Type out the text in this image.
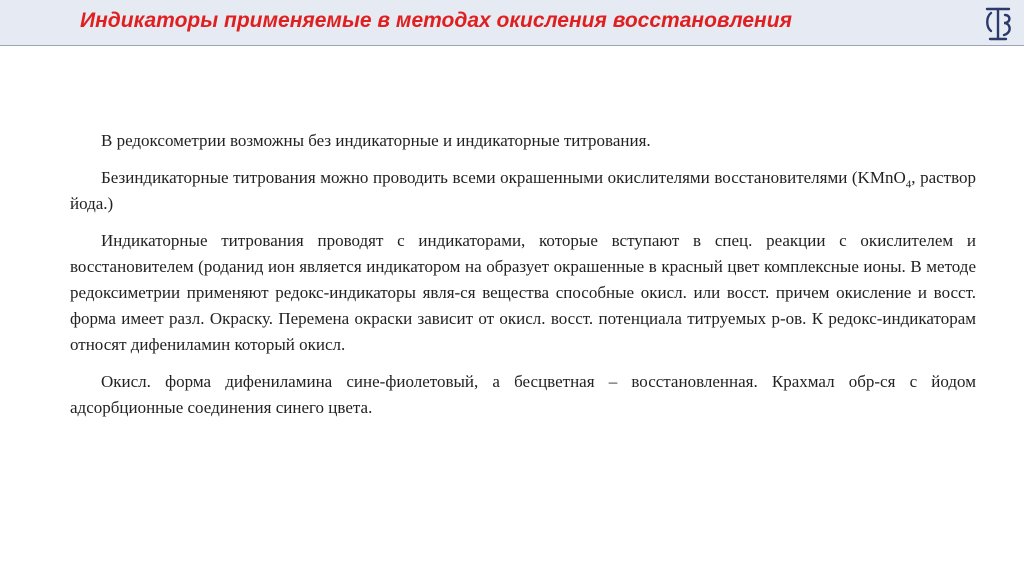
Индикаторы применяемые в методах окисления восстановления

В редоксометрии возможны без индикаторные и индикаторные титрования.

Безиндикаторные титрования можно проводить всеми окрашенными окислителями восстановителями (KMnO$_4$, раствор йода.)

Индикаторные титрования проводят с индикаторами, которые вступают в спец. реакции с окислителем и восстановителем (роданид ион является индикатором на образует окрашенные в красный цвет комплексные ионы. В методе редоксиметрии применяют редокс-индикаторы явля-ся вещества способные окисл. или восст. причем окисление и восст. форма имеет разл. Окраску. Перемена окраски зависит от окисл. восст. потенциала титруемых р-ов. К редокс-индикаторам относят дифениламин который окисл.

Окисл. форма дифениламина сине-фиолетовый, а бесцветная – восстановленная. Крахмал обр-ся с йодом адсорбционные соединения синего цвета.
